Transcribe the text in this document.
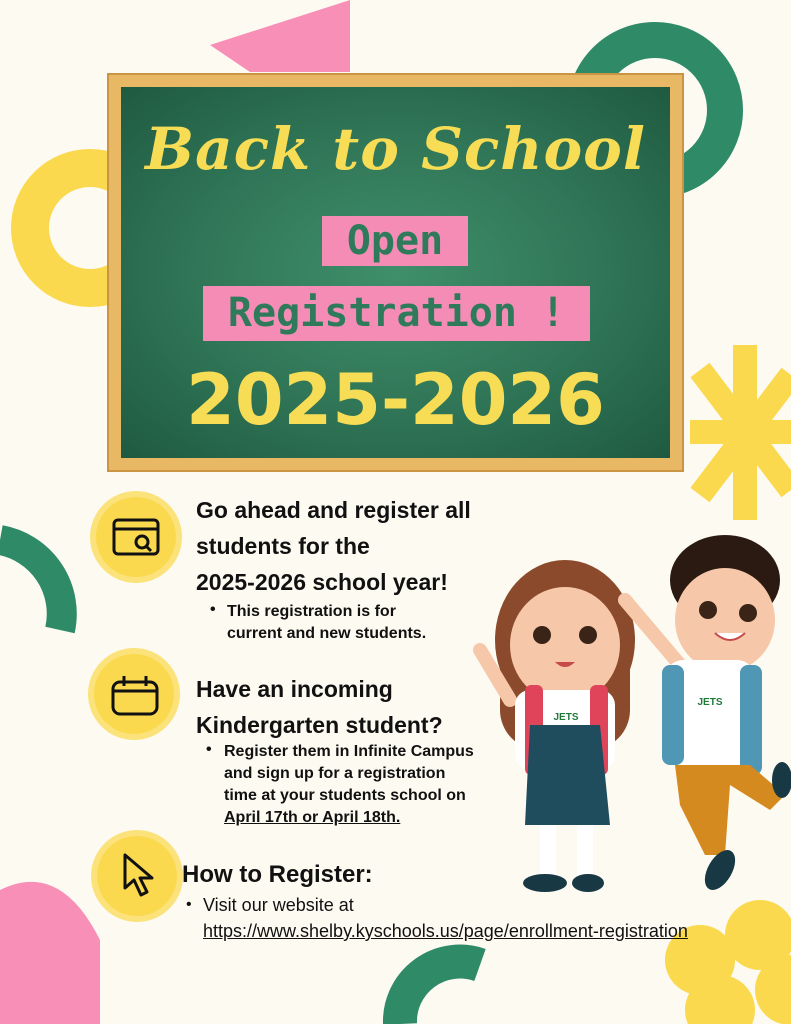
Back to School
Open
Registration !
2025-2026
Go ahead and register all
students for the
2025-2026 school year!
• This registration is for
current and new students.
Have an incoming
Kindergarten student?
• Register them in Infinite Campus
and sign up for a registration
time at your students school on
April 17th or April 18th.
How to Register:
• Visit our website at
https://www.shelby.kyschools.us/page/enrollment-registration
JETS
JETS
